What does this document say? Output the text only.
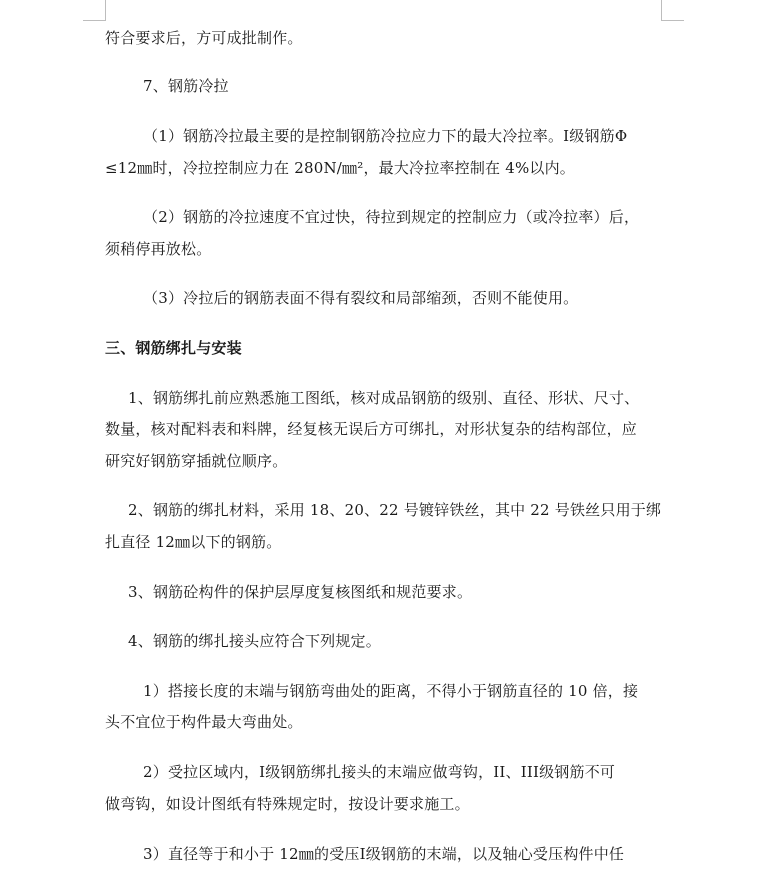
符合要求后，方可成批制作。
7、钢筋冷拉
（1）钢筋冷拉最主要的是控制钢筋冷拉应力下的最大冷拉率。I级钢筋Φ
≤12㎜时，冷拉控制应力在 280N/㎜²，最大冷拉率控制在 4%以内。
（2）钢筋的冷拉速度不宜过快，待拉到规定的控制应力（或冷拉率）后，
须稍停再放松。
（3）冷拉后的钢筋表面不得有裂纹和局部缩颈，否则不能使用。
三、钢筋绑扎与安装
1、钢筋绑扎前应熟悉施工图纸，核对成品钢筋的级别、直径、形状、尺寸、
数量，核对配料表和料牌，经复核无误后方可绑扎，对形状复杂的结构部位，应
研究好钢筋穿插就位顺序。
2、钢筋的绑扎材料，采用 18、20、22 号镀锌铁丝，其中 22 号铁丝只用于绑
扎直径 12㎜以下的钢筋。
3、钢筋砼构件的保护层厚度复核图纸和规范要求。
4、钢筋的绑扎接头应符合下列规定。
1）搭接长度的末端与钢筋弯曲处的距离，不得小于钢筋直径的 10 倍，接
头不宜位于构件最大弯曲处。
2）受拉区域内，I级钢筋绑扎接头的末端应做弯钩，II、III级钢筋不可
做弯钩，如设计图纸有特殊规定时，按设计要求施工。
3）直径等于和小于 12㎜的受压I级钢筋的末端，以及轴心受压构件中任
